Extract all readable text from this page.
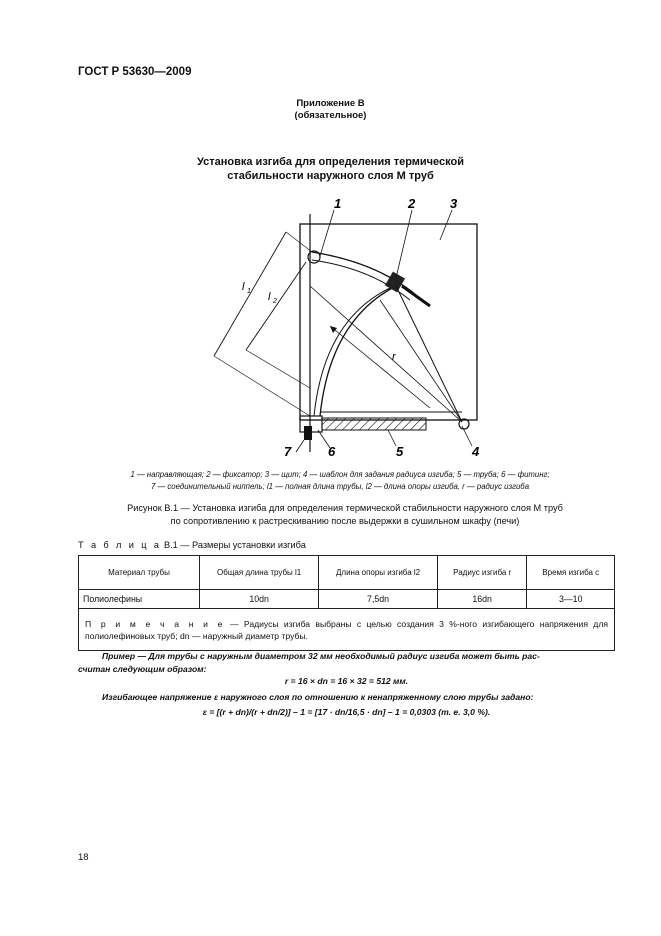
ГОСТ Р 53630—2009
Приложение В
(обязательное)
Установка изгиба для определения термической
стабильности наружного слоя М труб
1	2	3
4
5
6
7
l 1 l 2
r
1 — направляющая; 2 — фиксатор; 3 — щит; 4 — шаблон для задания радиуса изгиба; 5 — труба; 6 — фитинг;
7 — соединительный ниппель; l1 — полная длина трубы, l2 — длина опоры изгиба, r — радиус изгиба
Рисунок В.1 — Установка изгиба для определения термической стабильности наружного слоя М труб
по сопротивлению к растрескиванию после выдержки в сушильном шкафу (печи)
Т а б л и ц а В.1 — Размеры установки изгиба
Материал трубы	Общая длина трубы l1	Длина опоры изгиба l2	Радиус изгиба r	Время изгиба с
Полиолефины	10dn	7,5dn	16dn	3—10
П р и м е ч а н и е — Радиусы изгиба выбраны с целью создания 3 %-ного изгибающего напряжения для полиолефиновых труб; dn — наружный диаметр трубы.				
Пример — Для трубы с наружным диаметром 32 мм необходимый радиус изгиба может быть рас-
считан следующим образом:
r = 16 × dn = 16 × 32 = 512 мм.
Изгибающее напряжение ε наружного слоя по отношению к ненапряженному слою трубы задано:
ε = [(r + dn)/(r + dn/2)] – 1 = [17 · dn/16,5 · dn] – 1 = 0,0303 (т. е. 3,0 %).
18
